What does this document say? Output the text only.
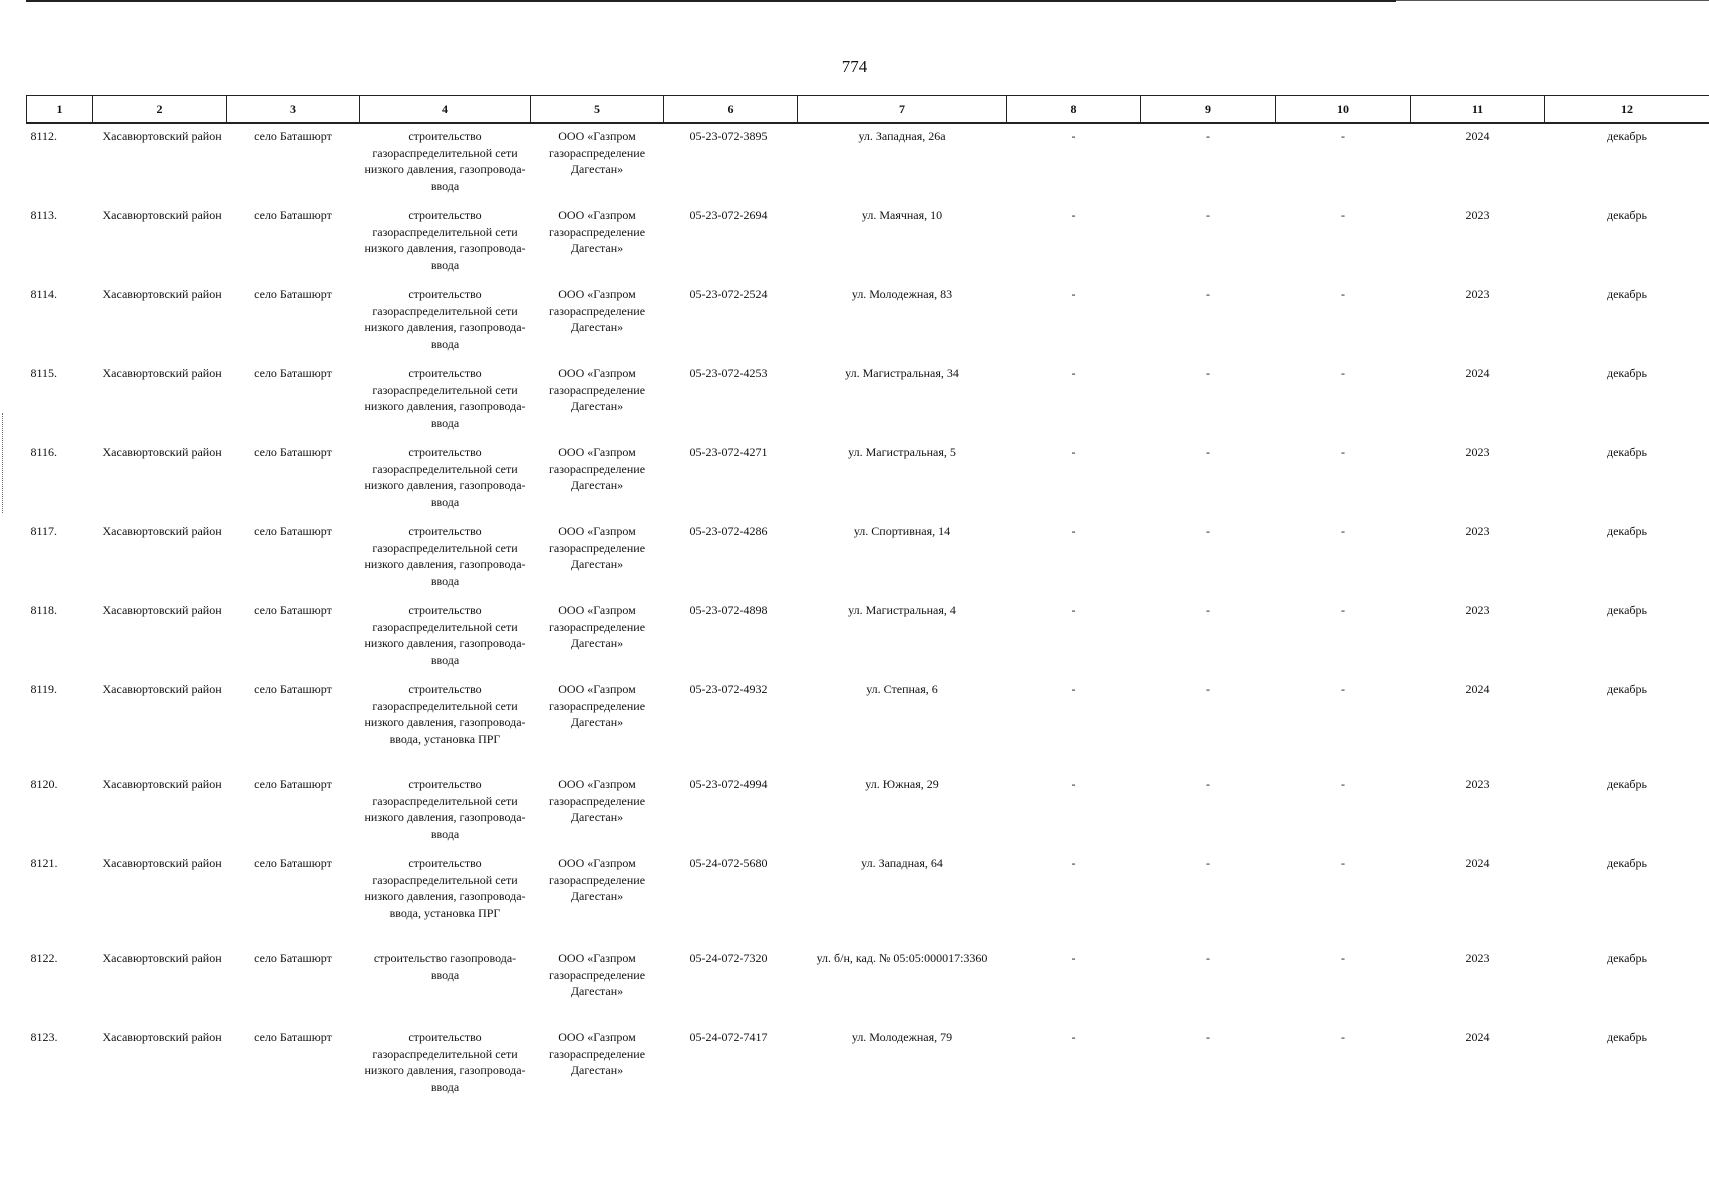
774
1	2	3	4	5	6	7	8	9	10	11	12
8112.	Хасавюртовский район	село Баташюрт	строительство газораспределительной сети низкого давления, газопровода-ввода	ООО «Газпром газораспределение Дагестан»	05-23-072-3895	ул. Западная, 26а	-	-	-	2024	декабрь
8113.	Хасавюртовский район	село Баташюрт	строительство газораспределительной сети низкого давления, газопровода-ввода	ООО «Газпром газораспределение Дагестан»	05-23-072-2694	ул. Маячная, 10	-	-	-	2023	декабрь
8114.	Хасавюртовский район	село Баташюрт	строительство газораспределительной сети низкого давления, газопровода-ввода	ООО «Газпром газораспределение Дагестан»	05-23-072-2524	ул. Молодежная, 83	-	-	-	2023	декабрь
8115.	Хасавюртовский район	село Баташюрт	строительство газораспределительной сети низкого давления, газопровода-ввода	ООО «Газпром газораспределение Дагестан»	05-23-072-4253	ул. Магистральная, 34	-	-	-	2024	декабрь
8116.	Хасавюртовский район	село Баташюрт	строительство газораспределительной сети низкого давления, газопровода-ввода	ООО «Газпром газораспределение Дагестан»	05-23-072-4271	ул. Магистральная, 5	-	-	-	2023	декабрь
8117.	Хасавюртовский район	село Баташюрт	строительство газораспределительной сети низкого давления, газопровода-ввода	ООО «Газпром газораспределение Дагестан»	05-23-072-4286	ул. Спортивная, 14	-	-	-	2023	декабрь
8118.	Хасавюртовский район	село Баташюрт	строительство газораспределительной сети низкого давления, газопровода-ввода	ООО «Газпром газораспределение Дагестан»	05-23-072-4898	ул. Магистральная, 4	-	-	-	2023	декабрь
8119.	Хасавюртовский район	село Баташюрт	строительство газораспределительной сети низкого давления, газопровода-ввода, установка ПРГ	ООО «Газпром газораспределение Дагестан»	05-23-072-4932	ул. Степная, 6	-	-	-	2024	декабрь
8120.	Хасавюртовский район	село Баташюрт	строительство газораспределительной сети низкого давления, газопровода-ввода	ООО «Газпром газораспределение Дагестан»	05-23-072-4994	ул. Южная, 29	-	-	-	2023	декабрь
8121.	Хасавюртовский район	село Баташюрт	строительство газораспределительной сети низкого давления, газопровода-ввода, установка ПРГ	ООО «Газпром газораспределение Дагестан»	05-24-072-5680	ул. Западная, 64	-	-	-	2024	декабрь
8122.	Хасавюртовский район	село Баташюрт	строительство газопровода-ввода	ООО «Газпром газораспределение Дагестан»	05-24-072-7320	ул. б/н, кад. № 05:05:000017:3360	-	-	-	2023	декабрь
8123.	Хасавюртовский район	село Баташюрт	строительство газораспределительной сети низкого давления, газопровода-ввода	ООО «Газпром газораспределение Дагестан»	05-24-072-7417	ул. Молодежная, 79	-	-	-	2024	декабрь
